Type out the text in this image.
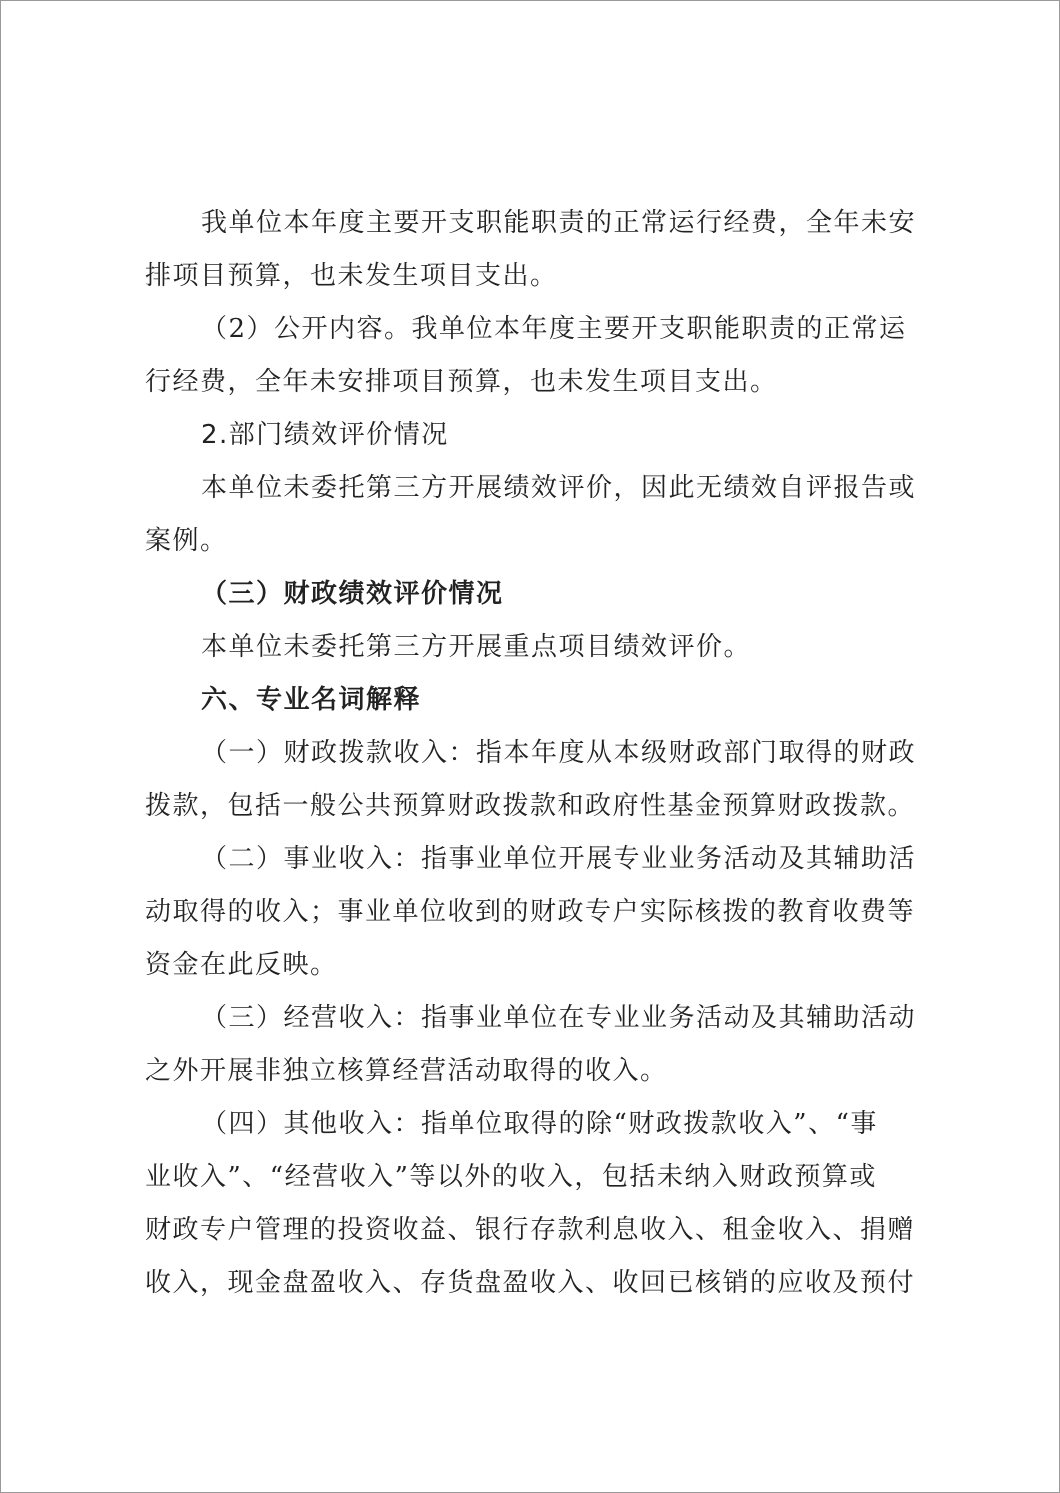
我单位本年度主要开支职能职责的正常运行经费，全年未安

排项目预算，也未发生项目支出。

（2）公开内容。我单位本年度主要开支职能职责的正常运

行经费，全年未安排项目预算，也未发生项目支出。

2.部门绩效评价情况

本单位未委托第三方开展绩效评价，因此无绩效自评报告或

案例。

（三）财政绩效评价情况

本单位未委托第三方开展重点项目绩效评价。

六、专业名词解释

（一）财政拨款收入：指本年度从本级财政部门取得的财政

拨款，包括一般公共预算财政拨款和政府性基金预算财政拨款。

（二）事业收入：指事业单位开展专业业务活动及其辅助活

动取得的收入；事业单位收到的财政专户实际核拨的教育收费等

资金在此反映。

（三）经营收入：指事业单位在专业业务活动及其辅助活动

之外开展非独立核算经营活动取得的收入。

（四）其他收入：指单位取得的除“财政拨款收入”、“事

业收入”、“经营收入”等以外的收入，包括未纳入财政预算或

财政专户管理的投资收益、银行存款利息收入、租金收入、捐赠

收入，现金盘盈收入、存货盘盈收入、收回已核销的应收及预付
